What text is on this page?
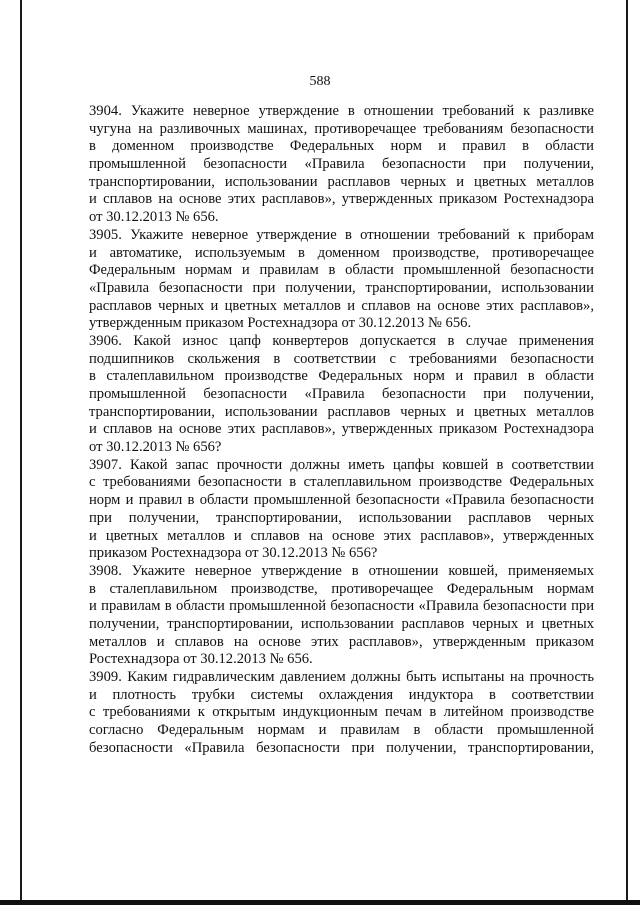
588
3904. Укажите неверное утверждение в отношении требований к разливке
чугуна на разливочных машинах, противоречащее требованиям безопасности
в доменном производстве Федеральных норм и правил в области
промышленной безопасности «Правила безопасности при получении,
транспортировании, использовании расплавов черных и цветных металлов
и сплавов на основе этих расплавов», утвержденных приказом Ростехнадзора
от 30.12.2013 № 656.
3905. Укажите неверное утверждение в отношении требований к приборам
и автоматике, используемым в доменном производстве, противоречащее
Федеральным нормам и правилам в области промышленной безопасности
«Правила безопасности при получении, транспортировании, использовании
расплавов черных и цветных металлов и сплавов на основе этих расплавов»,
утвержденным приказом Ростехнадзора от 30.12.2013 № 656.
3906. Какой износ цапф конвертеров допускается в случае применения
подшипников скольжения в соответствии с требованиями безопасности
в сталеплавильном производстве Федеральных норм и правил в области
промышленной безопасности «Правила безопасности при получении,
транспортировании, использовании расплавов черных и цветных металлов
и сплавов на основе этих расплавов», утвержденных приказом Ростехнадзора
от 30.12.2013 № 656?
3907. Какой запас прочности должны иметь цапфы ковшей в соответствии
с требованиями безопасности в сталеплавильном производстве Федеральных
норм и правил в области промышленной безопасности «Правила безопасности
при получении, транспортировании, использовании расплавов черных
и цветных металлов и сплавов на основе этих расплавов», утвержденных
приказом Ростехнадзора от 30.12.2013 № 656?
3908. Укажите неверное утверждение в отношении ковшей, применяемых
в сталеплавильном производстве, противоречащее Федеральным нормам
и правилам в области промышленной безопасности «Правила безопасности при
получении, транспортировании, использовании расплавов черных и цветных
металлов и сплавов на основе этих расплавов», утвержденным приказом
Ростехнадзора от 30.12.2013 № 656.
3909. Каким гидравлическим давлением должны быть испытаны на прочность
и плотность трубки системы охлаждения индуктора в соответствии
с требованиями к открытым индукционным печам в литейном производстве
согласно Федеральным нормам и правилам в области промышленной
безопасности «Правила безопасности при получении, транспортировании,
